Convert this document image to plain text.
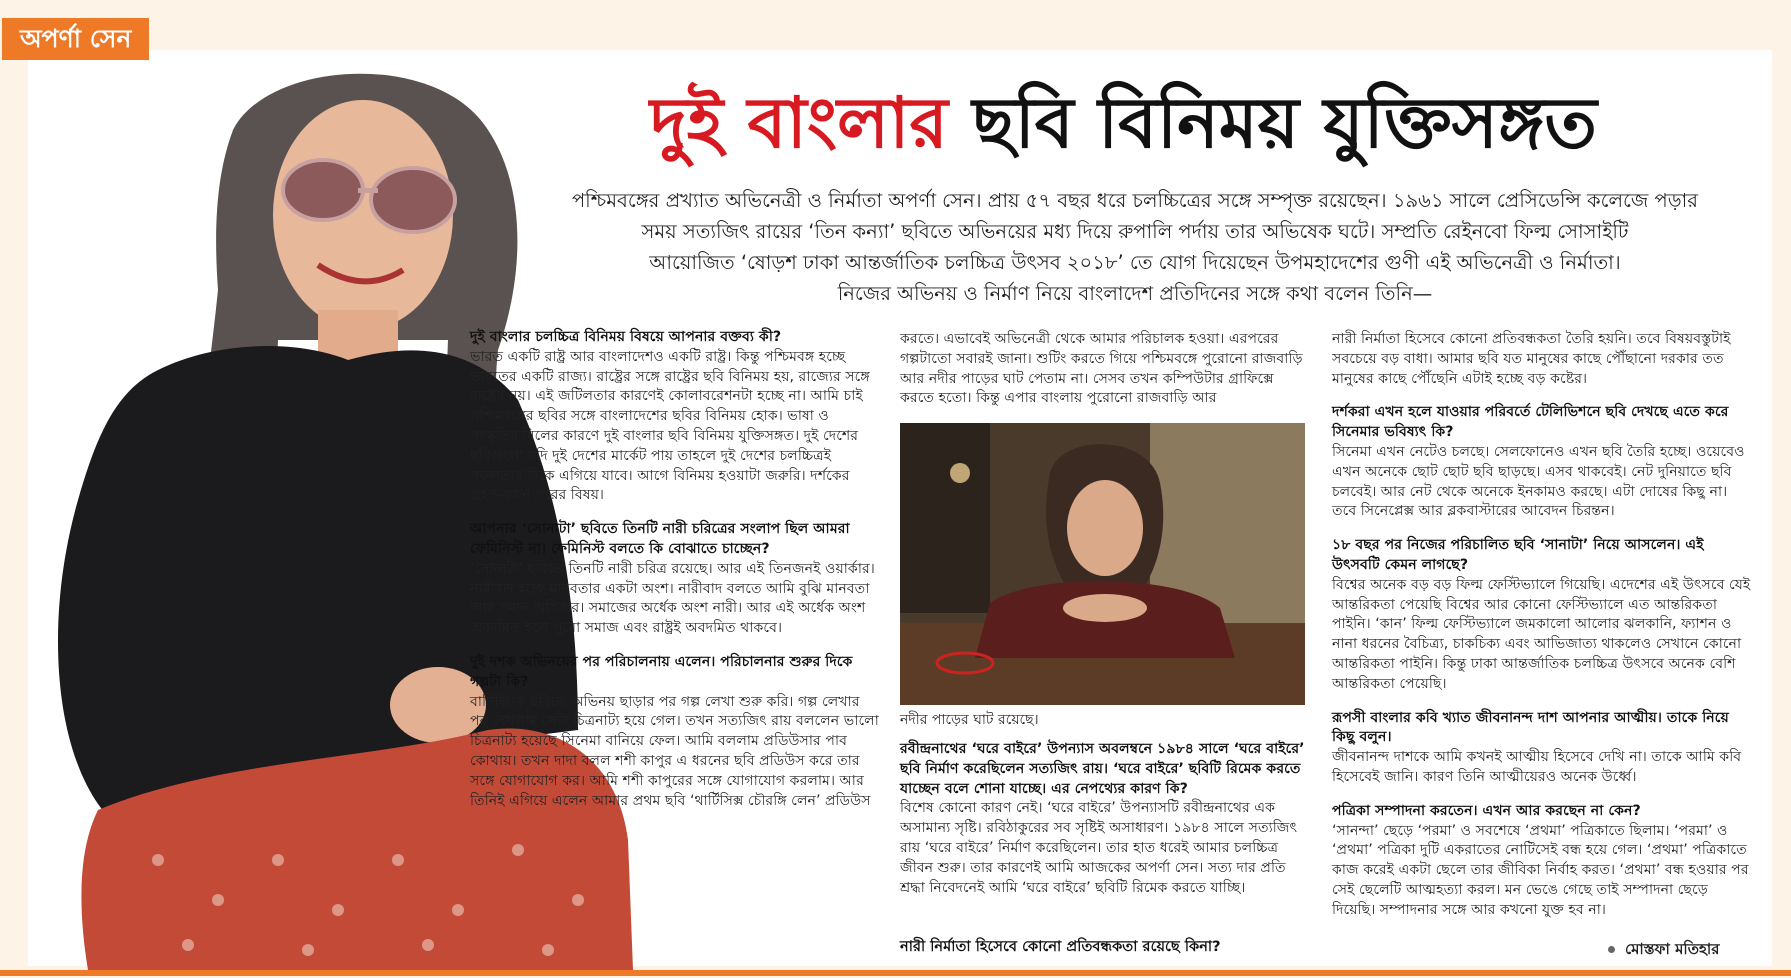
অপর্ণা সেন
দুই বাংলার ছবি বিনিময় যুক্তিসঙ্গত

পশ্চিমবঙ্গের প্রখ্যাত অভিনেত্রী ও নির্মাতা অপর্ণা সেন। প্রায় ৫৭ বছর ধরে চলচ্চিত্রের সঙ্গে সম্পৃক্ত রয়েছেন। ১৯৬১ সালে প্রেসিডেন্সি কলেজে পড়ার

সময় সত্যজিৎ রায়ের ‘তিন কন্যা’ ছবিতে অভিনয়ের মধ্য দিয়ে রুপালি পর্দায় তার অভিষেক ঘটে। সম্প্রতি রেইনবো ফিল্ম সোসাইটি

আয়োজিত ‘ষোড়শ ঢাকা আন্তর্জাতিক চলচ্চিত্র উৎসব ২০১৮’ তে যোগ দিয়েছেন উপমহাদেশের গুণী এই অভিনেত্রী ও নির্মাতা।

নিজের অভিনয় ও নির্মাণ নিয়ে বাংলাদেশ প্রতিদিনের সঙ্গে কথা বলেন তিনি—

দুই বাংলার চলচ্চিত্র বিনিময় বিষয়ে আপনার বক্তব্য কী?
ভারত একটি রাষ্ট্র আর বাংলাদেশও একটি রাষ্ট্র। কিন্তু পশ্চিমবঙ্গ হচ্ছে ভারতের একটি রাজ্য। রাষ্ট্রের সঙ্গে রাষ্ট্রের ছবি বিনিময় হয়, রাজ্যের সঙ্গে রাষ্ট্রের নয়। এই জটিলতার কারণেই কোলাবরেশনটা হচ্ছে না। আমি চাই পশ্চিমবঙ্গের ছবির সঙ্গে বাংলাদেশের ছবির বিনিময় হোক। ভাষা ও সংস্কৃতির মিলের কারণে দুই বাংলার ছবি বিনিময় যুক্তিসঙ্গত। দুই দেশের ছবিগুলো যদি দুই দেশের মার্কেট পায় তাহলে দুই দেশের চলচ্চিত্রই সফলতার দিকে এগিয়ে যাবে। আগে বিনিময় হওয়াটা জরুরি। দর্শকের গ্রহণ-বর্জন পরের বিষয়।

আপনার ‘সোনাটা’ ছবিতে তিনটি নারী চরিত্রের সংলাপ ছিল আমরা ফেমিনিস্ট না। ফেমিনিস্ট বলতে কি বোঝাতে চাচ্ছেন?
‘সোনাটা’ ছবিতে তিনটি নারী চরিত্র রয়েছে। আর এই তিনজনই ওয়ার্কার। নারীবাদ হচ্ছে মানবতার একটা অংশ। নারীবাদ বলতে আমি বুঝি মানবতা আর সমান অধিকার। সমাজের অর্ধেক অংশ নারী। আর এই অর্ধেক অংশ অবদমিত হলে পুরো সমাজ এবং রাষ্ট্রই অবদমিত থাকবে।

দুই দশক অভিনয়ের পর পরিচালনায় এলেন। পরিচালনার শুরুর দিকে গল্পটা কি?
বাণিজ্যিক ছবিতে অভিনয় ছাড়ার পর গল্প লেখা শুরু করি। গল্প লেখার পর দেখলাম সেটা চিত্রনাট্য হয়ে গেল। তখন সত্যজিৎ রায় বললেন ভালো চিত্রনাট্য হয়েছে সিনেমা বানিয়ে ফেল। আমি বললাম প্রডিউসার পাব কোথায়। তখন দাদা বলল শশী কাপুর এ ধরনের ছবি প্রডিউস করে তার সঙ্গে যোগাযোগ কর। আমি শশী কাপুরের সঙ্গে যোগাযোগ করলাম। আর তিনিই এগিয়ে এলেন আমার প্রথম ছবি ‘থার্টিসিক্স চৌরঙ্গি লেন’ প্রডিউস

করতে। এভাবেই অভিনেত্রী থেকে আমার পরিচালক হওয়া। এরপরের গল্পটাতো সবারই জানা। শুটিং করতে গিয়ে পশ্চিমবঙ্গে পুরোনো রাজবাড়ি আর নদীর পাড়ের ঘাট পেতাম না। সেসব তখন কম্পিউটার গ্রাফিক্সে করতে হতো। কিন্তু এপার বাংলায় পুরোনো রাজবাড়ি আর

নদীর পাড়ের ঘাট রয়েছে।

রবীন্দ্রনাথের ‘ঘরে বাইরে’ উপন্যাস অবলম্বনে ১৯৮৪ সালে ‘ঘরে বাইরে’ ছবি নির্মাণ করেছিলেন সত্যজিৎ রায়। ‘ঘরে বাইরে’ ছবিটি রিমেক করতে যাচ্ছেন বলে শোনা যাচ্ছে। এর নেপথ্যের কারণ কি?
বিশেষ কোনো কারণ নেই। ‘ঘরে বাইরে’ উপন্যাসটি রবীন্দ্রনাথের এক অসামান্য সৃষ্টি। রবিঠাকুরের সব সৃষ্টিই অসাধারণ। ১৯৮৪ সালে সত্যজিৎ রায় ‘ঘরে বাইরে’ নির্মাণ করেছিলেন। তার হাত ধরেই আমার চলচ্চিত্র জীবন শুরু। তার কারণেই আমি আজকের অপর্ণা সেন। সত্য দার প্রতি শ্রদ্ধা নিবেদনেই আমি ‘ঘরে বাইরে’ ছবিটি রিমেক করতে যাচ্ছি।

নারী নির্মাতা হিসেবে কোনো প্রতিবন্ধকতা রয়েছে কিনা?

নারী নির্মাতা হিসেবে কোনো প্রতিবন্ধকতা তৈরি হয়নি। তবে বিষয়বস্তুটাই সবচেয়ে বড় বাধা। আমার ছবি যত মানুষের কাছে পৌঁছানো দরকার তত মানুষের কাছে পৌঁছেনি এটাই হচ্ছে বড় কষ্টের।

দর্শকরা এখন হলে যাওয়ার পরিবর্তে টেলিভিশনে ছবি দেখছে এতে করে সিনেমার ভবিষ্যৎ কি?
সিনেমা এখন নেটেও চলছে। সেলফোনেও এখন ছবি তৈরি হচ্ছে। ওয়েবেও এখন অনেকে ছোট ছোট ছবি ছাড়ছে। এসব থাকবেই। নেট দুনিয়াতে ছবি চলবেই। আর নেট থেকে অনেকে ইনকামও করছে। এটা দোষের কিছু না। তবে সিনেপ্লেক্স আর ব্লকবাস্টারের আবেদন চিরন্তন।

১৮ বছর পর নিজের পরিচালিত ছবি ‘সানাটা’ নিয়ে আসলেন। এই উৎসবটি কেমন লাগছে?
বিশ্বের অনেক বড় বড় ফিল্ম ফেস্টিভ্যালে গিয়েছি। এদেশের এই উৎসবে যেই আন্তরিকতা পেয়েছি বিশ্বের আর কোনো ফেস্টিভ্যালে এত আন্তরিকতা পাইনি। ‘কান’ ফিল্ম ফেস্টিভ্যালে জমকালো আলোর ঝলকানি, ফ্যাশন ও নানা ধরনের বৈচিত্র্য, চাকচিক্য এবং আভিজাত্য থাকলেও সেখানে কোনো আন্তরিকতা পাইনি। কিন্তু ঢাকা আন্তর্জাতিক চলচ্চিত্র উৎসবে অনেক বেশি আন্তরিকতা পেয়েছি।

রূপসী বাংলার কবি খ্যাত জীবনানন্দ দাশ আপনার আত্মীয়। তাকে নিয়ে কিছু বলুন।
জীবনানন্দ দাশকে আমি কখনই আত্মীয় হিসেবে দেখি না। তাকে আমি কবি হিসেবেই জানি। কারণ তিনি আত্মীয়েরও অনেক উর্ধ্বে।

পত্রিকা সম্পাদনা করতেন। এখন আর করছেন না কেন?
‘সানন্দা’ ছেড়ে ‘পরমা’ ও সবশেষে ‘প্রথমা’ পত্রিকাতে ছিলাম। ‘পরমা’ ও ‘প্রথমা’ পত্রিকা দুটি একরাতের নোটিসেই বন্ধ হয়ে গেল। ‘প্রথমা’ পত্রিকাতে কাজ করেই একটা ছেলে তার জীবিকা নির্বাহ করত। ‘প্রথমা’ বন্ধ হওয়ার পর সেই ছেলেটি আত্মহত্যা করল। মন ভেঙে গেছে তাই সম্পাদনা ছেড়ে দিয়েছি। সম্পাদনার সঙ্গে আর কখনো যুক্ত হব না।

মোস্তফা মতিহার
